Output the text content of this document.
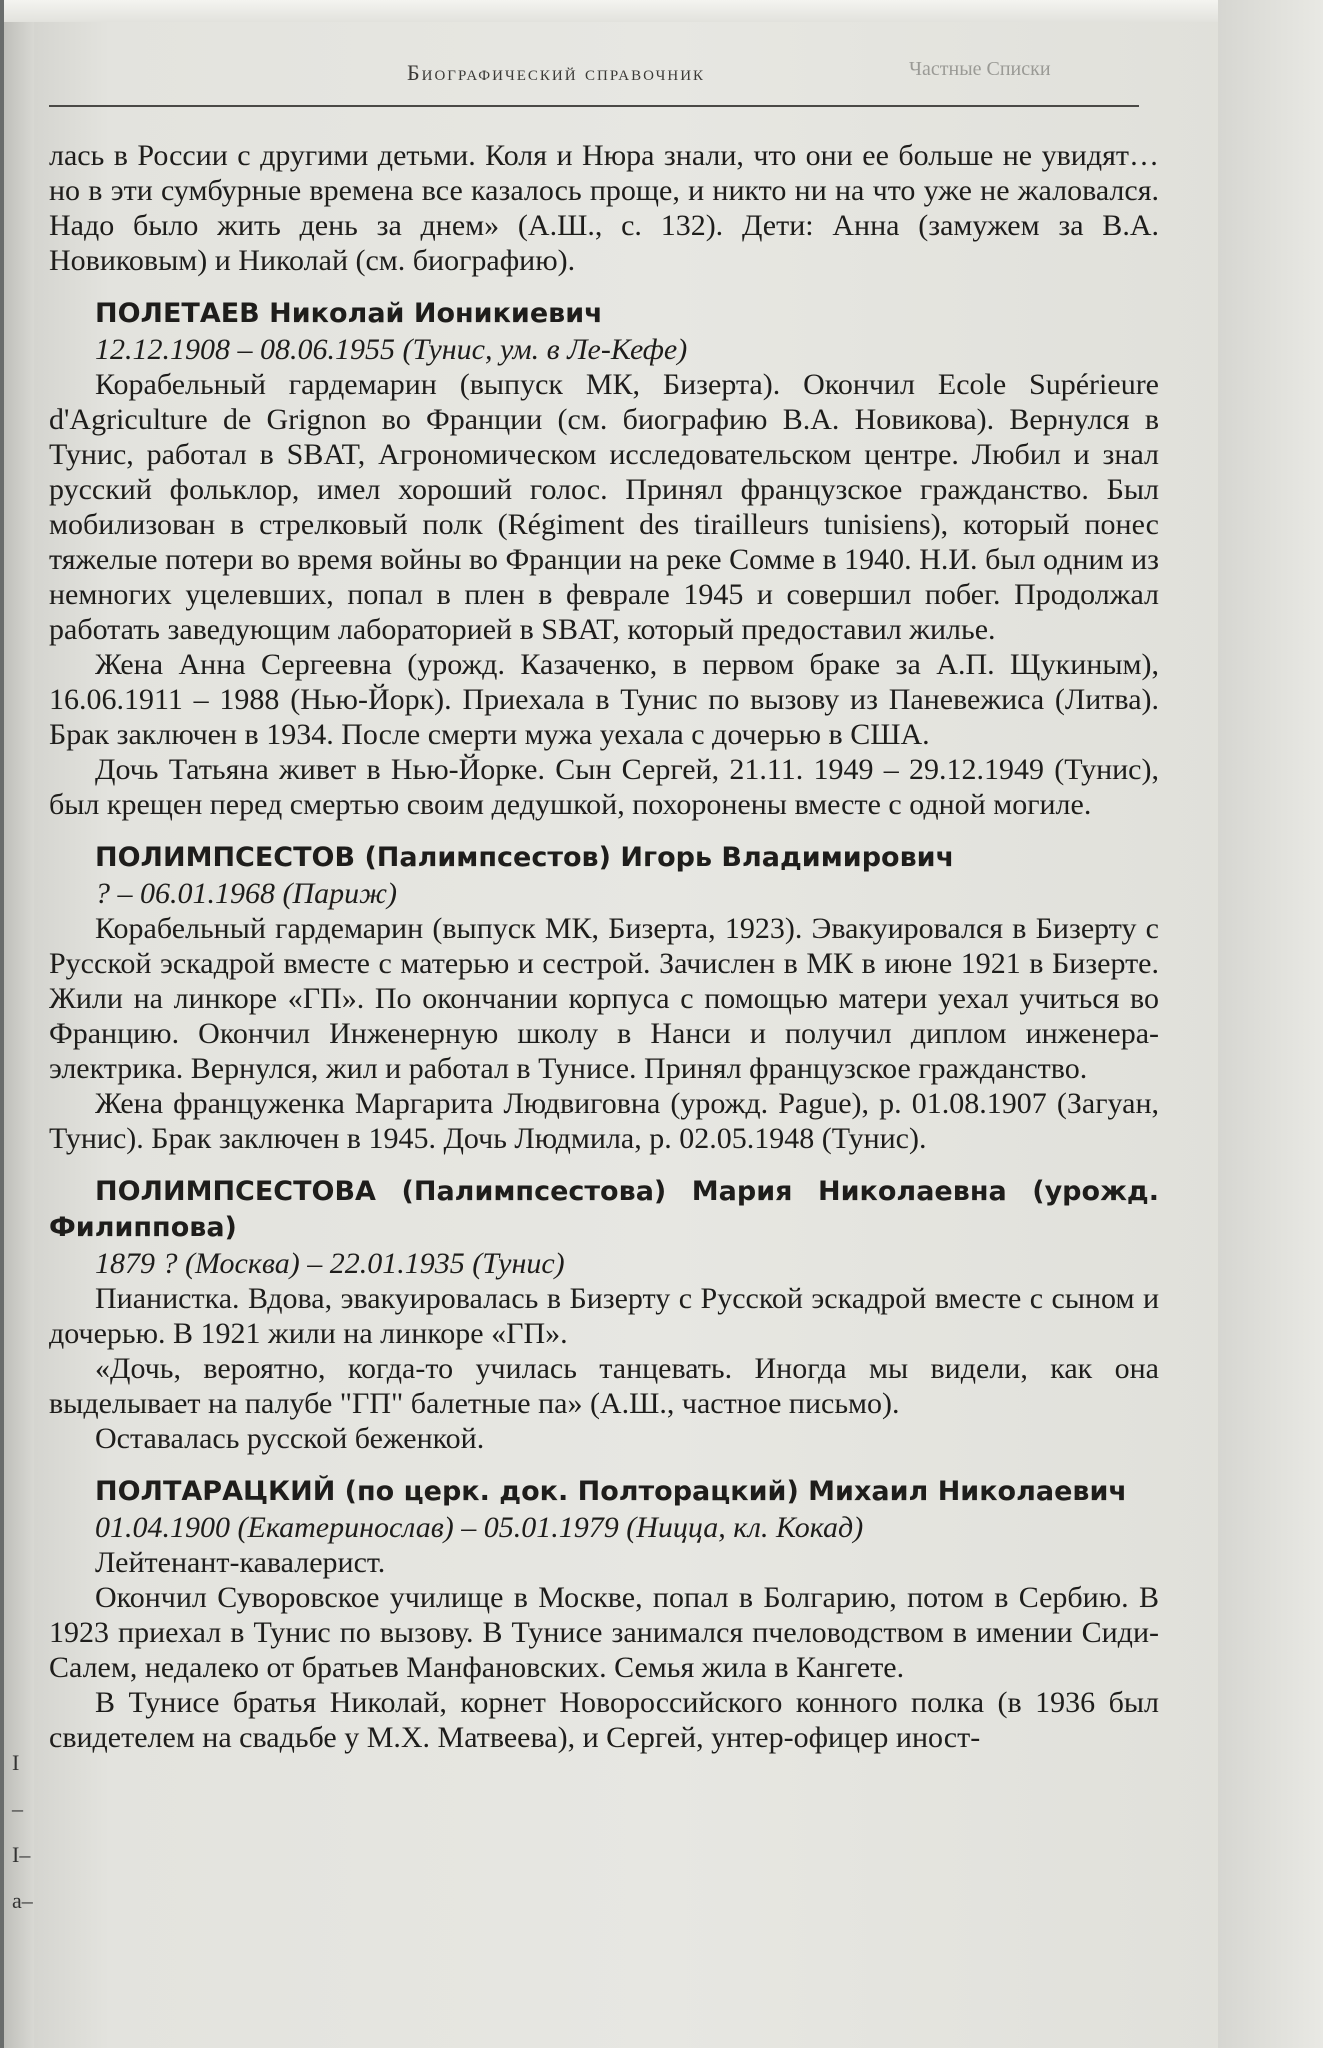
Биографический справочник	Частные Списки

лась в России с другими детьми. Коля и Нюра знали, что они ее больше не увидят… но в эти сумбурные времена все казалось проще, и никто ни на что уже не жаловался. Надо было жить день за днем» (А.Ш., с. 132). Дети: Анна (замужем за В.А. Новиковым) и Николай (см. биографию).

ПОЛЕТАЕВ Николай Ионикиевич

12.12.1908 – 08.06.1955 (Тунис, ум. в Ле-Кефе)

Корабельный гардемарин (выпуск МК, Бизерта). Окончил Ecole Supérieure d'Agriculture de Grignon во Франции (см. биографию В.А. Новикова). Вернулся в Тунис, работал в SBAT, Агрономическом исследовательском центре. Любил и знал русский фольклор, имел хороший голос. Принял французское гражданство. Был мобилизован в стрелковый полк (Régiment des tirailleurs tunisiens), который понес тяжелые потери во время войны во Франции на реке Сомме в 1940. Н.И. был одним из немногих уцелевших, попал в плен в феврале 1945 и совершил побег. Продолжал работать заведующим лабораторией в SBAT, который предоставил жилье.

Жена Анна Сергеевна (урожд. Казаченко, в первом браке за А.П. Щукиным), 16.06.1911 – 1988 (Нью-Йорк). Приехала в Тунис по вызову из Паневежиса (Литва). Брак заключен в 1934. После смерти мужа уехала с дочерью в США.

Дочь Татьяна живет в Нью-Йорке. Сын Сергей, 21.11. 1949 – 29.12.1949 (Тунис), был крещен перед смертью своим дедушкой, похоронены вместе с одной могиле.

ПОЛИМПСЕСТОВ (Палимпсестов) Игорь Владимирович

? – 06.01.1968 (Париж)

Корабельный гардемарин (выпуск МК, Бизерта, 1923). Эвакуировался в Бизерту с Русской эскадрой вместе с матерью и сестрой. Зачислен в МК в июне 1921 в Бизерте. Жили на линкоре «ГП». По окончании корпуса с помощью матери уехал учиться во Францию. Окончил Инженерную школу в Нанси и получил диплом инженера-электрика. Вернулся, жил и работал в Тунисе. Принял французское гражданство.

Жена француженка Маргарита Людвиговна (урожд. Pague), р. 01.08.1907 (Загуан, Тунис). Брак заключен в 1945. Дочь Людмила, р. 02.05.1948 (Тунис).

ПОЛИМПСЕСТОВА (Палимпсестова) Мария Николаевна (урожд. Филиппова)

1879 ? (Москва) – 22.01.1935 (Тунис)

Пианистка. Вдова, эвакуировалась в Бизерту с Русской эскадрой вместе с сыном и дочерью. В 1921 жили на линкоре «ГП».

«Дочь, вероятно, когда-то училась танцевать. Иногда мы видели, как она выделывает на палубе "ГП" балетные па» (А.Ш., частное письмо).

Оставалась русской беженкой.

ПОЛТАРАЦКИЙ (по церк. док. Полторацкий) Михаил Николаевич

01.04.1900 (Екатеринослав) – 05.01.1979 (Ницца, кл. Кокад)

Лейтенант-кавалерист.

Окончил Суворовское училище в Москве, попал в Болгарию, потом в Сербию. В 1923 приехал в Тунис по вызову. В Тунисе занимался пчеловодством в имении Сиди-Салем, недалеко от братьев Манфановских. Семья жила в Кангете.

В Тунисе братья Николай, корнет Новороссийского конного полка (в 1936 был свидетелем на свадьбе у М.Х. Матвеева), и Сергей, унтер-офицер иност-

I
–
I–
а–
